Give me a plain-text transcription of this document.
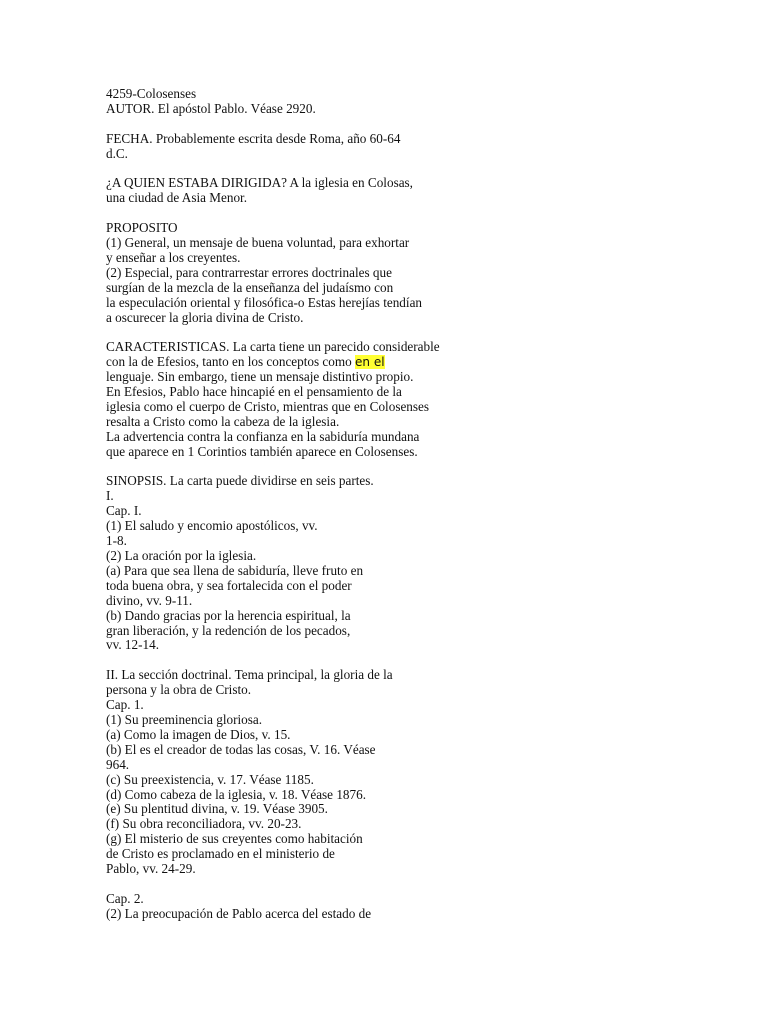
4259-Colosenses
AUTOR. El apóstol Pablo. Véase 2920.
FECHA. Probablemente escrita desde Roma, año 60-64
d.C.
¿A QUIEN ESTABA DIRIGIDA? A la iglesia en Colosas,
una ciudad de Asia Menor.
PROPOSITO
(1) General, un mensaje de buena voluntad, para exhortar
y enseñar a los creyentes.
(2) Especial, para contrarrestar errores doctrinales que
surgían de la mezcla de la enseñanza del judaísmo con
la especulación oriental y filosófica-o Estas herejías tendían
a oscurecer la gloria divina de Cristo.
CARACTERISTICAS. La carta tiene un parecido considerable
con la de Efesios, tanto en los conceptos como en el
lenguaje. Sin embargo, tiene un mensaje distintivo propio.
En Efesios, Pablo hace hincapié en el pensamiento de la
iglesia como el cuerpo de Cristo, mientras que en Colosenses
resalta a Cristo como la cabeza de la iglesia.
La advertencia contra la confianza en la sabiduría mundana
que aparece en 1 Corintios también aparece en Colosenses.
SINOPSIS. La carta puede dividirse en seis partes.
I.
Cap. I.
(1) El saludo y encomio apostólicos, vv.
1-8.
(2) La oración por la iglesia.
(a) Para que sea llena de sabiduría, lleve fruto en
toda buena obra, y sea fortalecida con el poder
divino, vv. 9-11.
(b) Dando gracias por la herencia espiritual, la
gran liberación, y la redención de los pecados,
vv. 12-14.
II. La sección doctrinal. Tema principal, la gloria de la
persona y la obra de Cristo.
Cap. 1.
(1) Su preeminencia gloriosa.
(a) Como la imagen de Dios, v. 15.
(b) El es el creador de todas las cosas, V. 16. Véase
964.
(c) Su preexistencia, v. 17. Véase 1185.
(d) Como cabeza de la iglesia, v. 18. Véase 1876.
(e) Su plentitud divina, v. 19. Véase 3905.
(f) Su obra reconciliadora, vv. 20-23.
(g) El misterio de sus creyentes como habitación
de Cristo es proclamado en el ministerio de
Pablo, vv. 24-29.
Cap. 2.
(2) La preocupación de Pablo acerca del estado de
